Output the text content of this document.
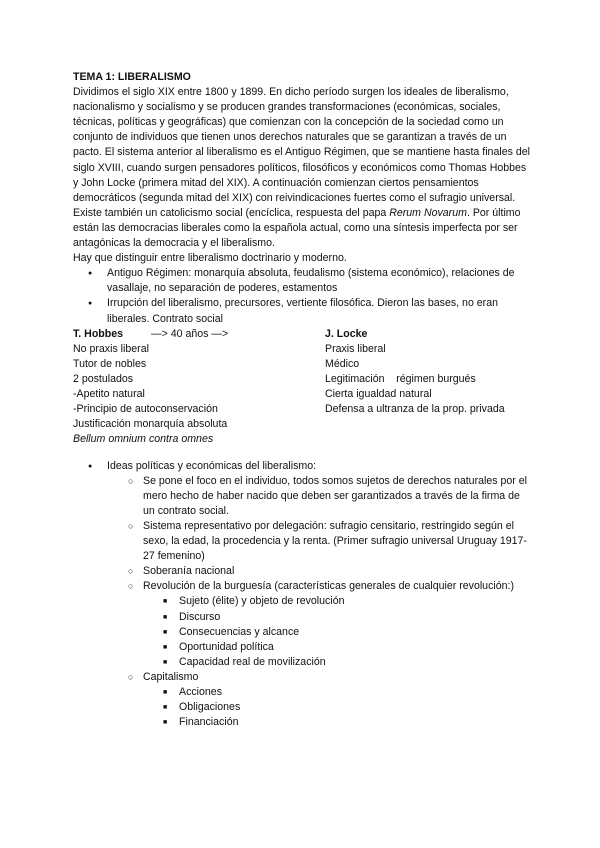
TEMA 1: LIBERALISMO

Dividimos el siglo XIX entre 1800 y 1899. En dicho período surgen los ideales de liberalismo, nacionalismo y socialismo y se producen grandes transformaciones (económicas, sociales, técnicas, políticas y geográficas) que comienzan con la concepción de la sociedad como un conjunto de individuos que tienen unos derechos naturales que se garantizan a través de un pacto. El sistema anterior al liberalismo es el Antiguo Régimen, que se mantiene hasta finales del siglo XVIII, cuando surgen pensadores políticos, filosóficos y económicos como Thomas Hobbes y John Locke (primera mitad del XIX). A continuación comienzan ciertos pensamientos democráticos (segunda mitad del XIX) con reivindicaciones fuertes como el sufragio universal. Existe también un catolicismo social (encíclica, respuesta del papa Rerum Novarum. Por último están las democracias liberales como la española actual, como una síntesis imperfecta por ser antagónicas la democracia y el liberalismo.

Hay que distinguir entre liberalismo doctrinario y moderno.

● Antiguo Régimen: monarquía absoluta, feudalismo (sistema económico), relaciones de vasallaje, no separación de poderes, estamentos
● Irrupción del liberalismo, precursores, vertiente filosófica. Dieron las bases, no eran liberales. Contrato social
T. Hobbes
No praxis liberal
Tutor de nobles
2 postulados
-Apetito natural
-Principio de autoconservación
Justificación monarquía absoluta
Bellum omnium contra omnes
—> 40 años —>	J. Locke
Praxis liberal
Médico
Legitimación    régimen burgués
Cierta igualdad natural
Defensa a ultranza de la prop. privada
● Ideas políticas y económicas del liberalismo:
○ Se pone el foco en el individuo, todos somos sujetos de derechos naturales por el mero hecho de haber nacido que deben ser garantizados a través de la firma de un contrato social.
○ Sistema representativo por delegación: sufragio censitario, restringido según el sexo, la edad, la procedencia y la renta. (Primer sufragio universal Uruguay 1917-27 femenino)
○ Soberanía nacional
○ Revolución de la burguesía (características generales de cualquier revolución:)
■ Sujeto (élite) y objeto de revolución
■ Discurso
■ Consecuencias y alcance
■ Oportunidad política
■ Capacidad real de movilización
○ Capitalismo
■ Acciones
■ Obligaciones
■ Financiación
